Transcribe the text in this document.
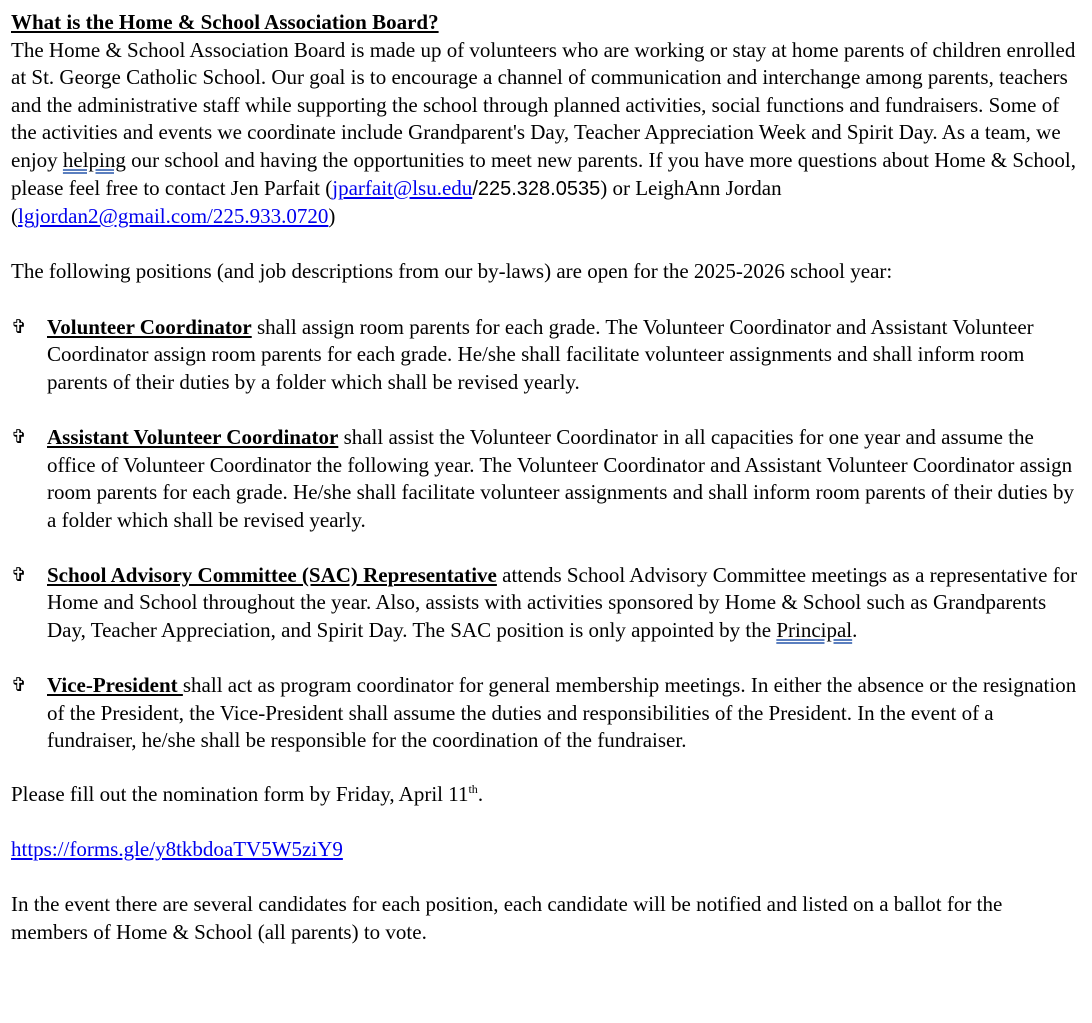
What is the Home & School Association Board?

The Home & School Association Board is made up of volunteers who are working or stay at home parents of children enrolled at St. George Catholic School. Our goal is to encourage a channel of communication and interchange among parents, teachers and the administrative staff while supporting the school through planned activities, social functions and fundraisers. Some of the activities and events we coordinate include Grandparent's Day, Teacher Appreciation Week and Spirit Day. As a team, we enjoy helping our school and having the opportunities to meet new parents. If you have more questions about Home & School, please feel free to contact Jen Parfait (jparfait@lsu.edu/225.328.0535) or LeighAnn Jordan (lgjordan2@gmail.com/225.933.0720)

The following positions (and job descriptions from our by-laws) are open for the 2025-2026 school year:

✞ Volunteer Coordinator shall assign room parents for each grade. The Volunteer Coordinator and Assistant Volunteer Coordinator assign room parents for each grade. He/she shall facilitate volunteer assignments and shall inform room parents of their duties by a folder which shall be revised yearly.

✞ Assistant Volunteer Coordinator shall assist the Volunteer Coordinator in all capacities for one year and assume the office of Volunteer Coordinator the following year. The Volunteer Coordinator and Assistant Volunteer Coordinator assign room parents for each grade. He/she shall facilitate volunteer assignments and shall inform room parents of their duties by a folder which shall be revised yearly.

✞ School Advisory Committee (SAC) Representative attends School Advisory Committee meetings as a representative for Home and School throughout the year. Also, assists with activities sponsored by Home & School such as Grandparents Day, Teacher Appreciation, and Spirit Day. The SAC position is only appointed by the Principal.

✞ Vice-President shall act as program coordinator for general membership meetings. In either the absence or the resignation of the President, the Vice-President shall assume the duties and responsibilities of the President. In the event of a fundraiser, he/she shall be responsible for the coordination of the fundraiser.

Please fill out the nomination form by Friday, April 11th.

https://forms.gle/y8tkbdoaTV5W5ziY9

In the event there are several candidates for each position, each candidate will be notified and listed on a ballot for the members of Home & School (all parents) to vote.
